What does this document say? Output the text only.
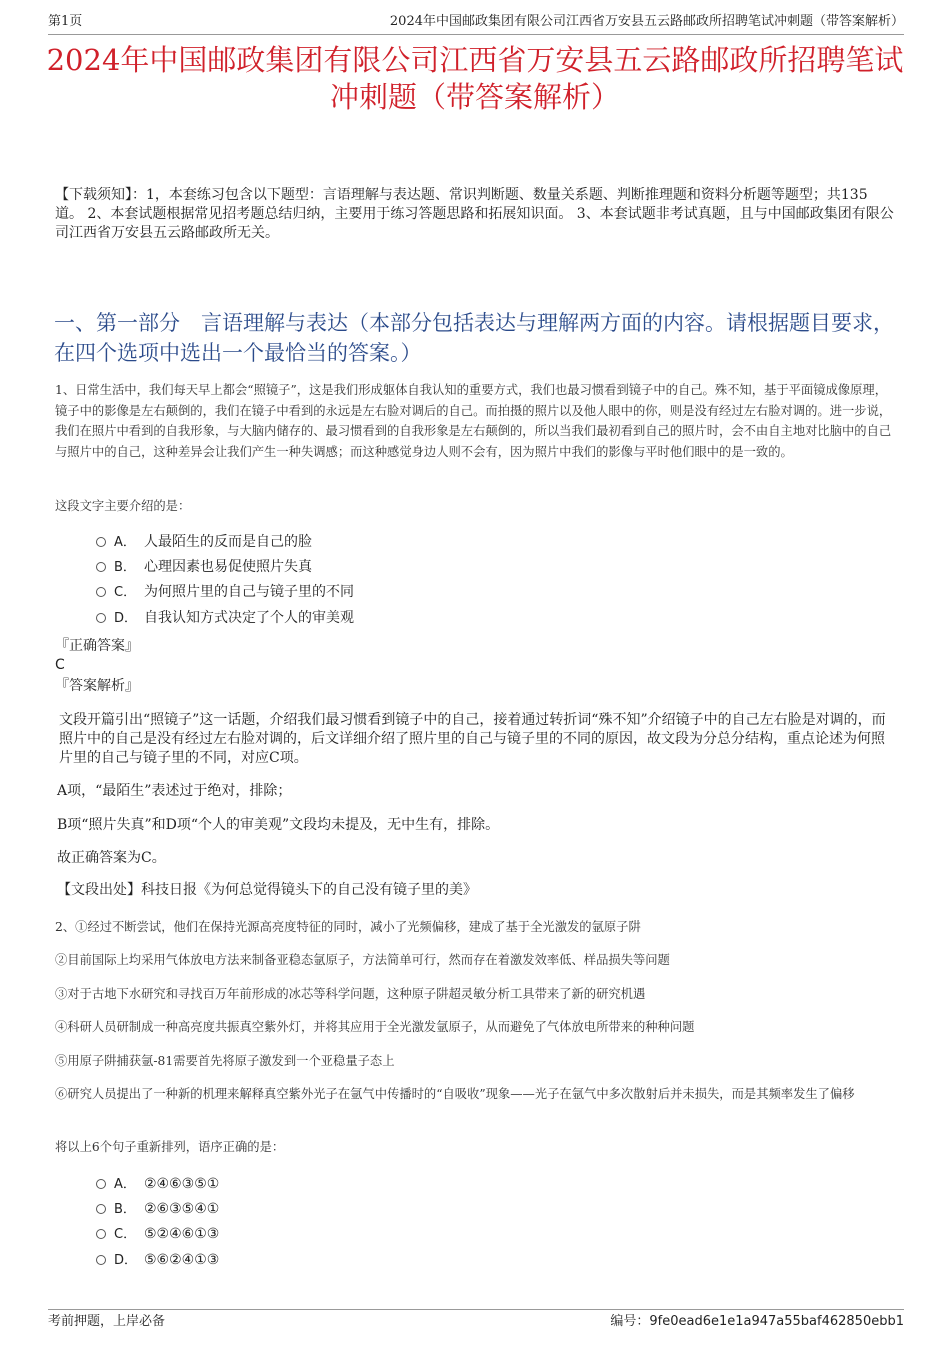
第1页	2024年中国邮政集团有限公司江西省万安县五云路邮政所招聘笔试冲刺题（带答案解析）
2024年中国邮政集团有限公司江西省万安县五云路邮政所招聘笔试冲刺题（带答案解析）
【下载须知】：1，本套练习包含以下题型：言语理解与表达题、常识判断题、数量关系题、判断推理题和资料分析题等题型；共135道。 2、本套试题根据常见招考题总结归纳，主要用于练习答题思路和拓展知识面。 3、本套试题非考试真题，且与中国邮政集团有限公司江西省万安县五云路邮政所无关。
一、第一部分　言语理解与表达（本部分包括表达与理解两方面的内容。请根据题目要求，在四个选项中选出一个最恰当的答案。）
1、日常生活中，我们每天早上都会“照镜子”，这是我们形成躯体自我认知的重要方式，我们也最习惯看到镜子中的自己。殊不知，基于平面镜成像原理，镜子中的影像是左右颠倒的，我们在镜子中看到的永远是左右脸对调后的自己。而拍摄的照片以及他人眼中的你，则是没有经过左右脸对调的。进一步说，我们在照片中看到的自我形象，与大脑内储存的、最习惯看到的自我形象是左右颠倒的，所以当我们最初看到自己的照片时，会不由自主地对比脑中的自己与照片中的自己，这种差异会让我们产生一种失调感；而这种感觉身边人则不会有，因为照片中我们的影像与平时他们眼中的是一致的。
这段文字主要介绍的是：
A． 人最陌生的反而是自己的脸
B． 心理因素也易促使照片失真
C． 为何照片里的自己与镜子里的不同
D． 自我认知方式决定了个人的审美观
『正确答案』
C
『答案解析』
文段开篇引出“照镜子”这一话题，介绍我们最习惯看到镜子中的自己，接着通过转折词“殊不知”介绍镜子中的自己左右脸是对调的，而照片中的自己是没有经过左右脸对调的，后文详细介绍了照片里的自己与镜子里的不同的原因，故文段为分总分结构，重点论述为何照片里的自己与镜子里的不同，对应C项。
A项，“最陌生”表述过于绝对，排除；
B项“照片失真”和D项“个人的审美观”文段均未提及，无中生有，排除。
故正确答案为C。
【文段出处】科技日报《为何总觉得镜头下的自己没有镜子里的美》
2、①经过不断尝试，他们在保持光源高亮度特征的同时，减小了光频偏移，建成了基于全光激发的氩原子阱
②目前国际上均采用气体放电方法来制备亚稳态氩原子，方法简单可行，然而存在着激发效率低、样品损失等问题
③对于古地下水研究和寻找百万年前形成的冰芯等科学问题，这种原子阱超灵敏分析工具带来了新的研究机遇
④科研人员研制成一种高亮度共振真空紫外灯，并将其应用于全光激发氩原子，从而避免了气体放电所带来的种种问题
⑤用原子阱捕获氩-81需要首先将原子激发到一个亚稳量子态上
⑥研究人员提出了一种新的机理来解释真空紫外光子在氩气中传播时的“自吸收”现象——光子在氩气中多次散射后并未损失，而是其频率发生了偏移
将以上6个句子重新排列，语序正确的是：
A． ②④⑥③⑤①
B． ②⑥③⑤④①
C． ⑤②④⑥①③
D． ⑤⑥②④①③
考前押题，上岸必备	编号：9fe0ead6e1e1a947a55baf462850ebb1
